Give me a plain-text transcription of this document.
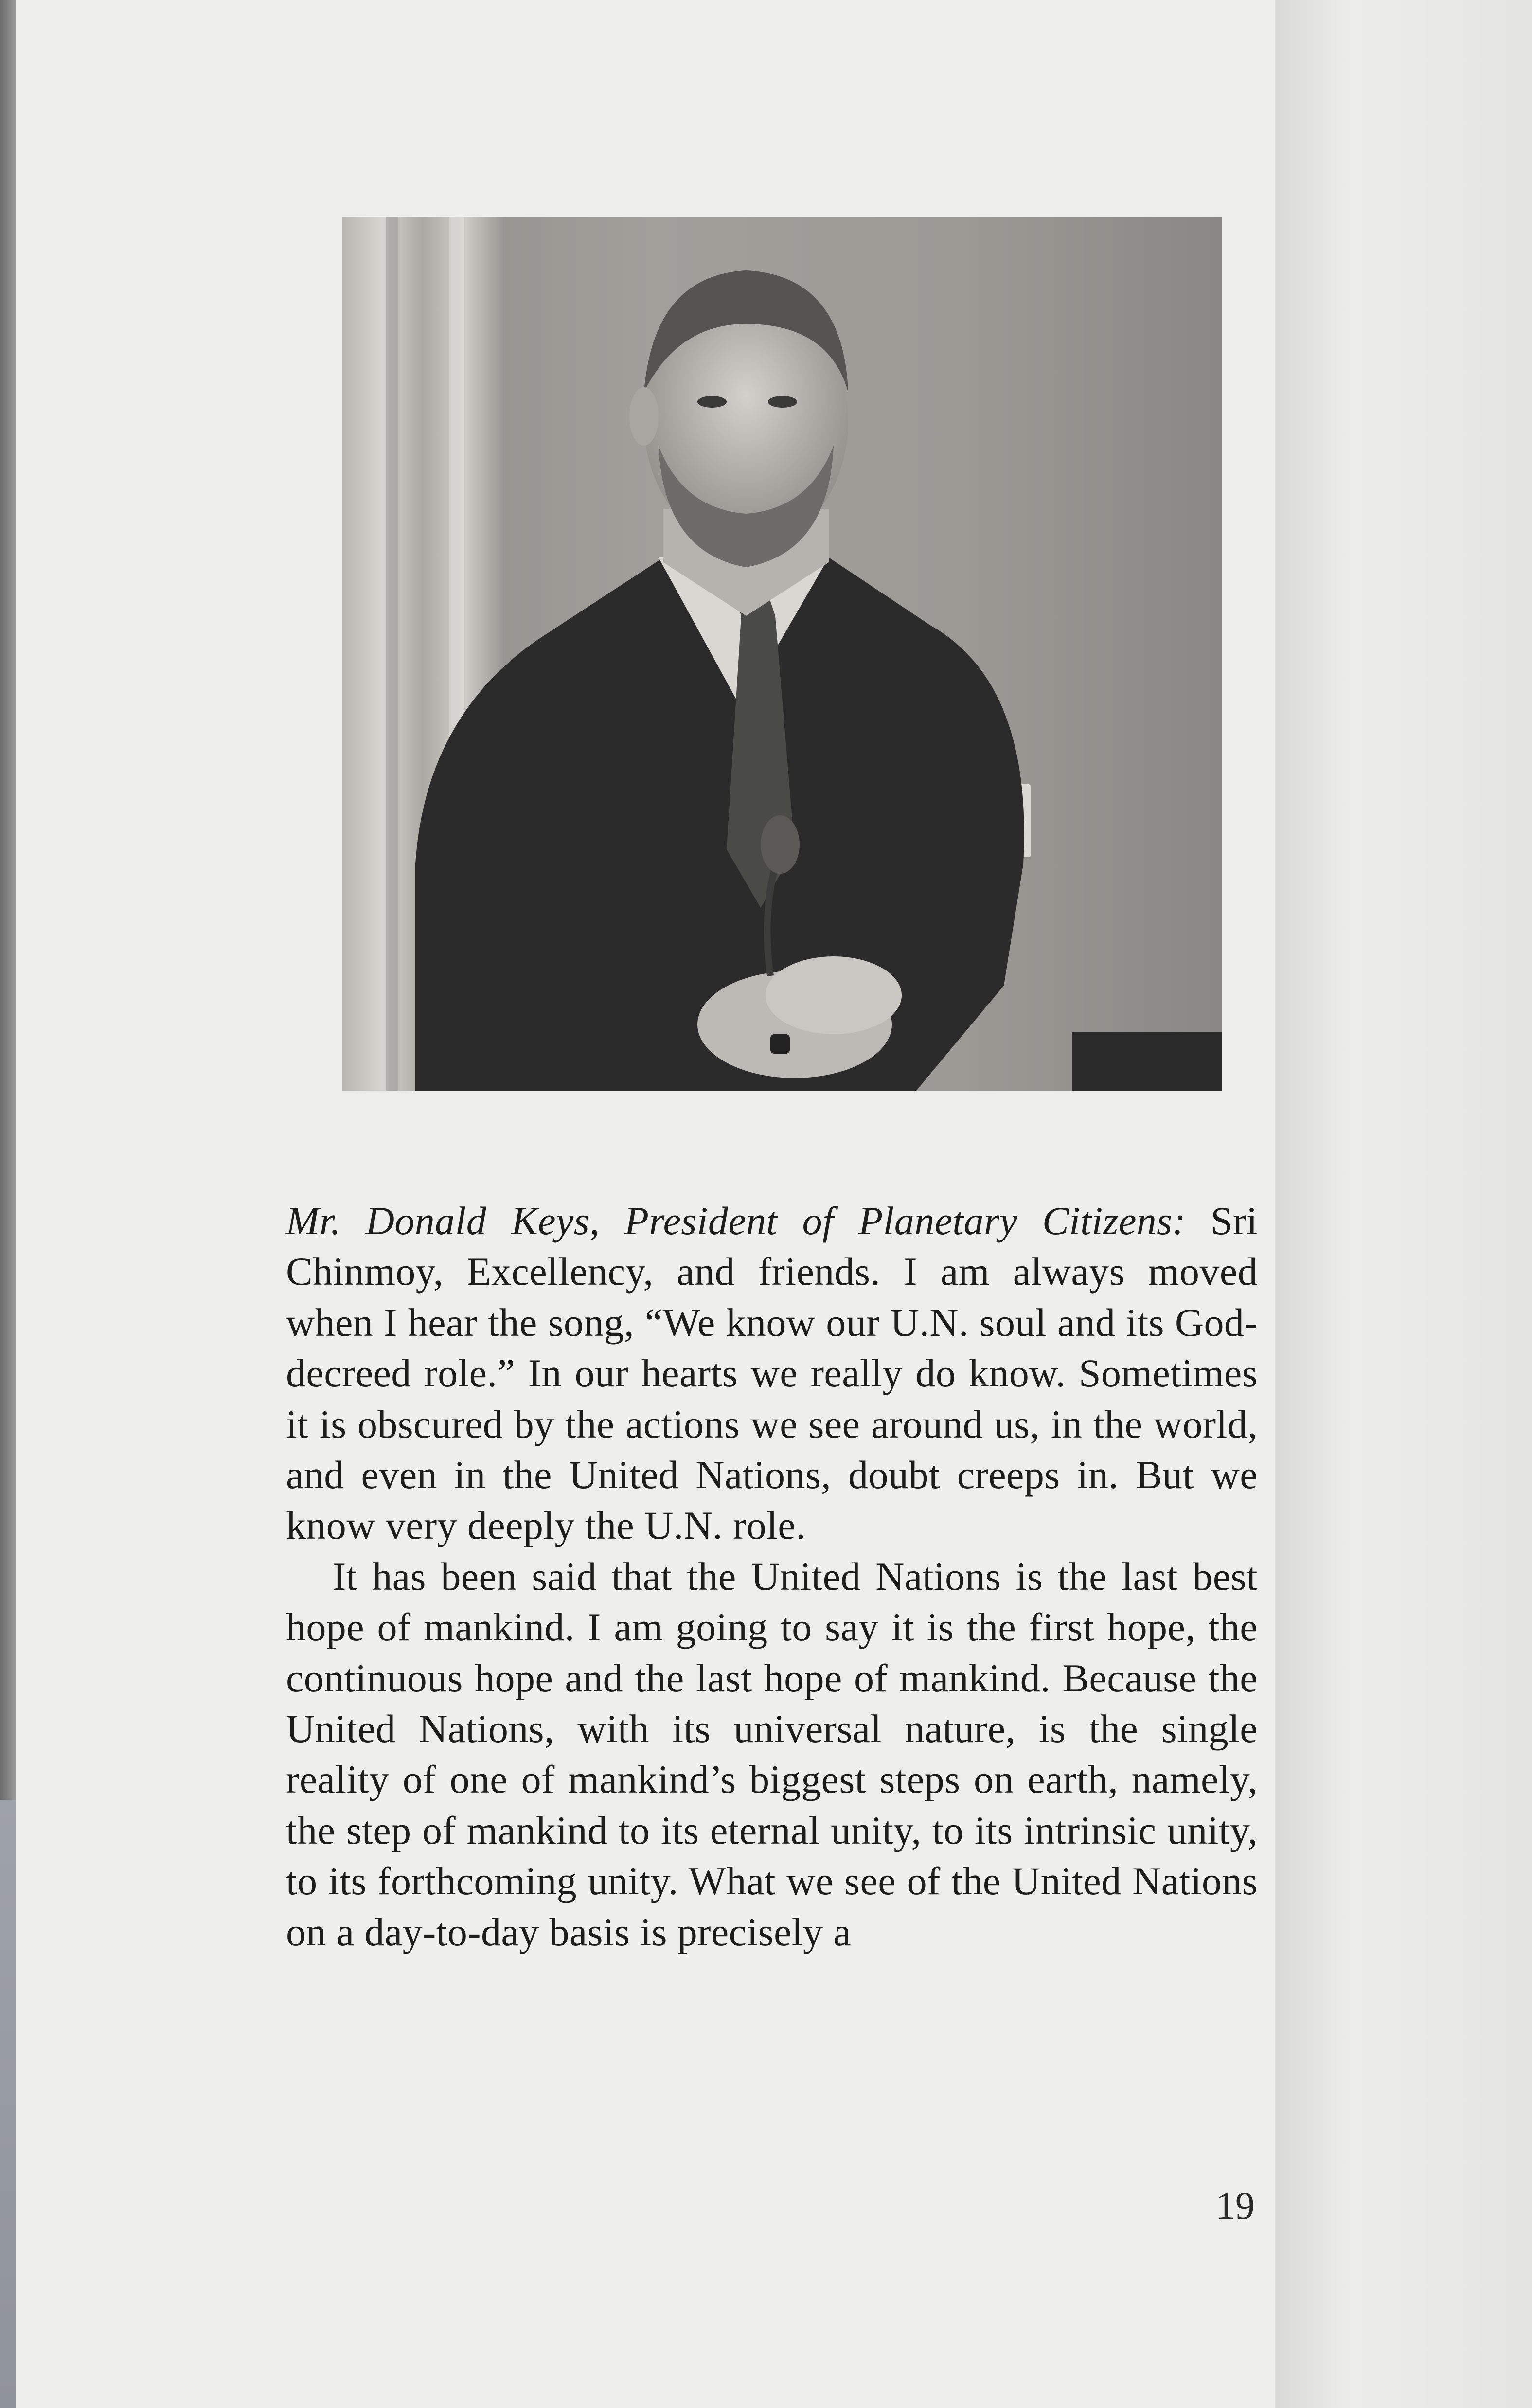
Mr. Donald Keys, President of Planetary Citizens: Sri Chinmoy, Excellency, and friends. I am always moved when I hear the song, “We know our U.N. soul and its God-decreed role.” In our hearts we really do know. Sometimes it is obscured by the actions we see around us, in the world, and even in the United Nations, doubt creeps in. But we know very deeply the U.N. role.

It has been said that the United Nations is the last best hope of mankind. I am going to say it is the first hope, the continuous hope and the last hope of mankind. Because the United Nations, with its universal nature, is the single reality of one of mankind’s biggest steps on earth, namely, the step of mankind to its eternal unity, to its intrinsic unity, to its forthcoming unity. What we see of the United Nations on a day-to-day basis is precisely a

19
